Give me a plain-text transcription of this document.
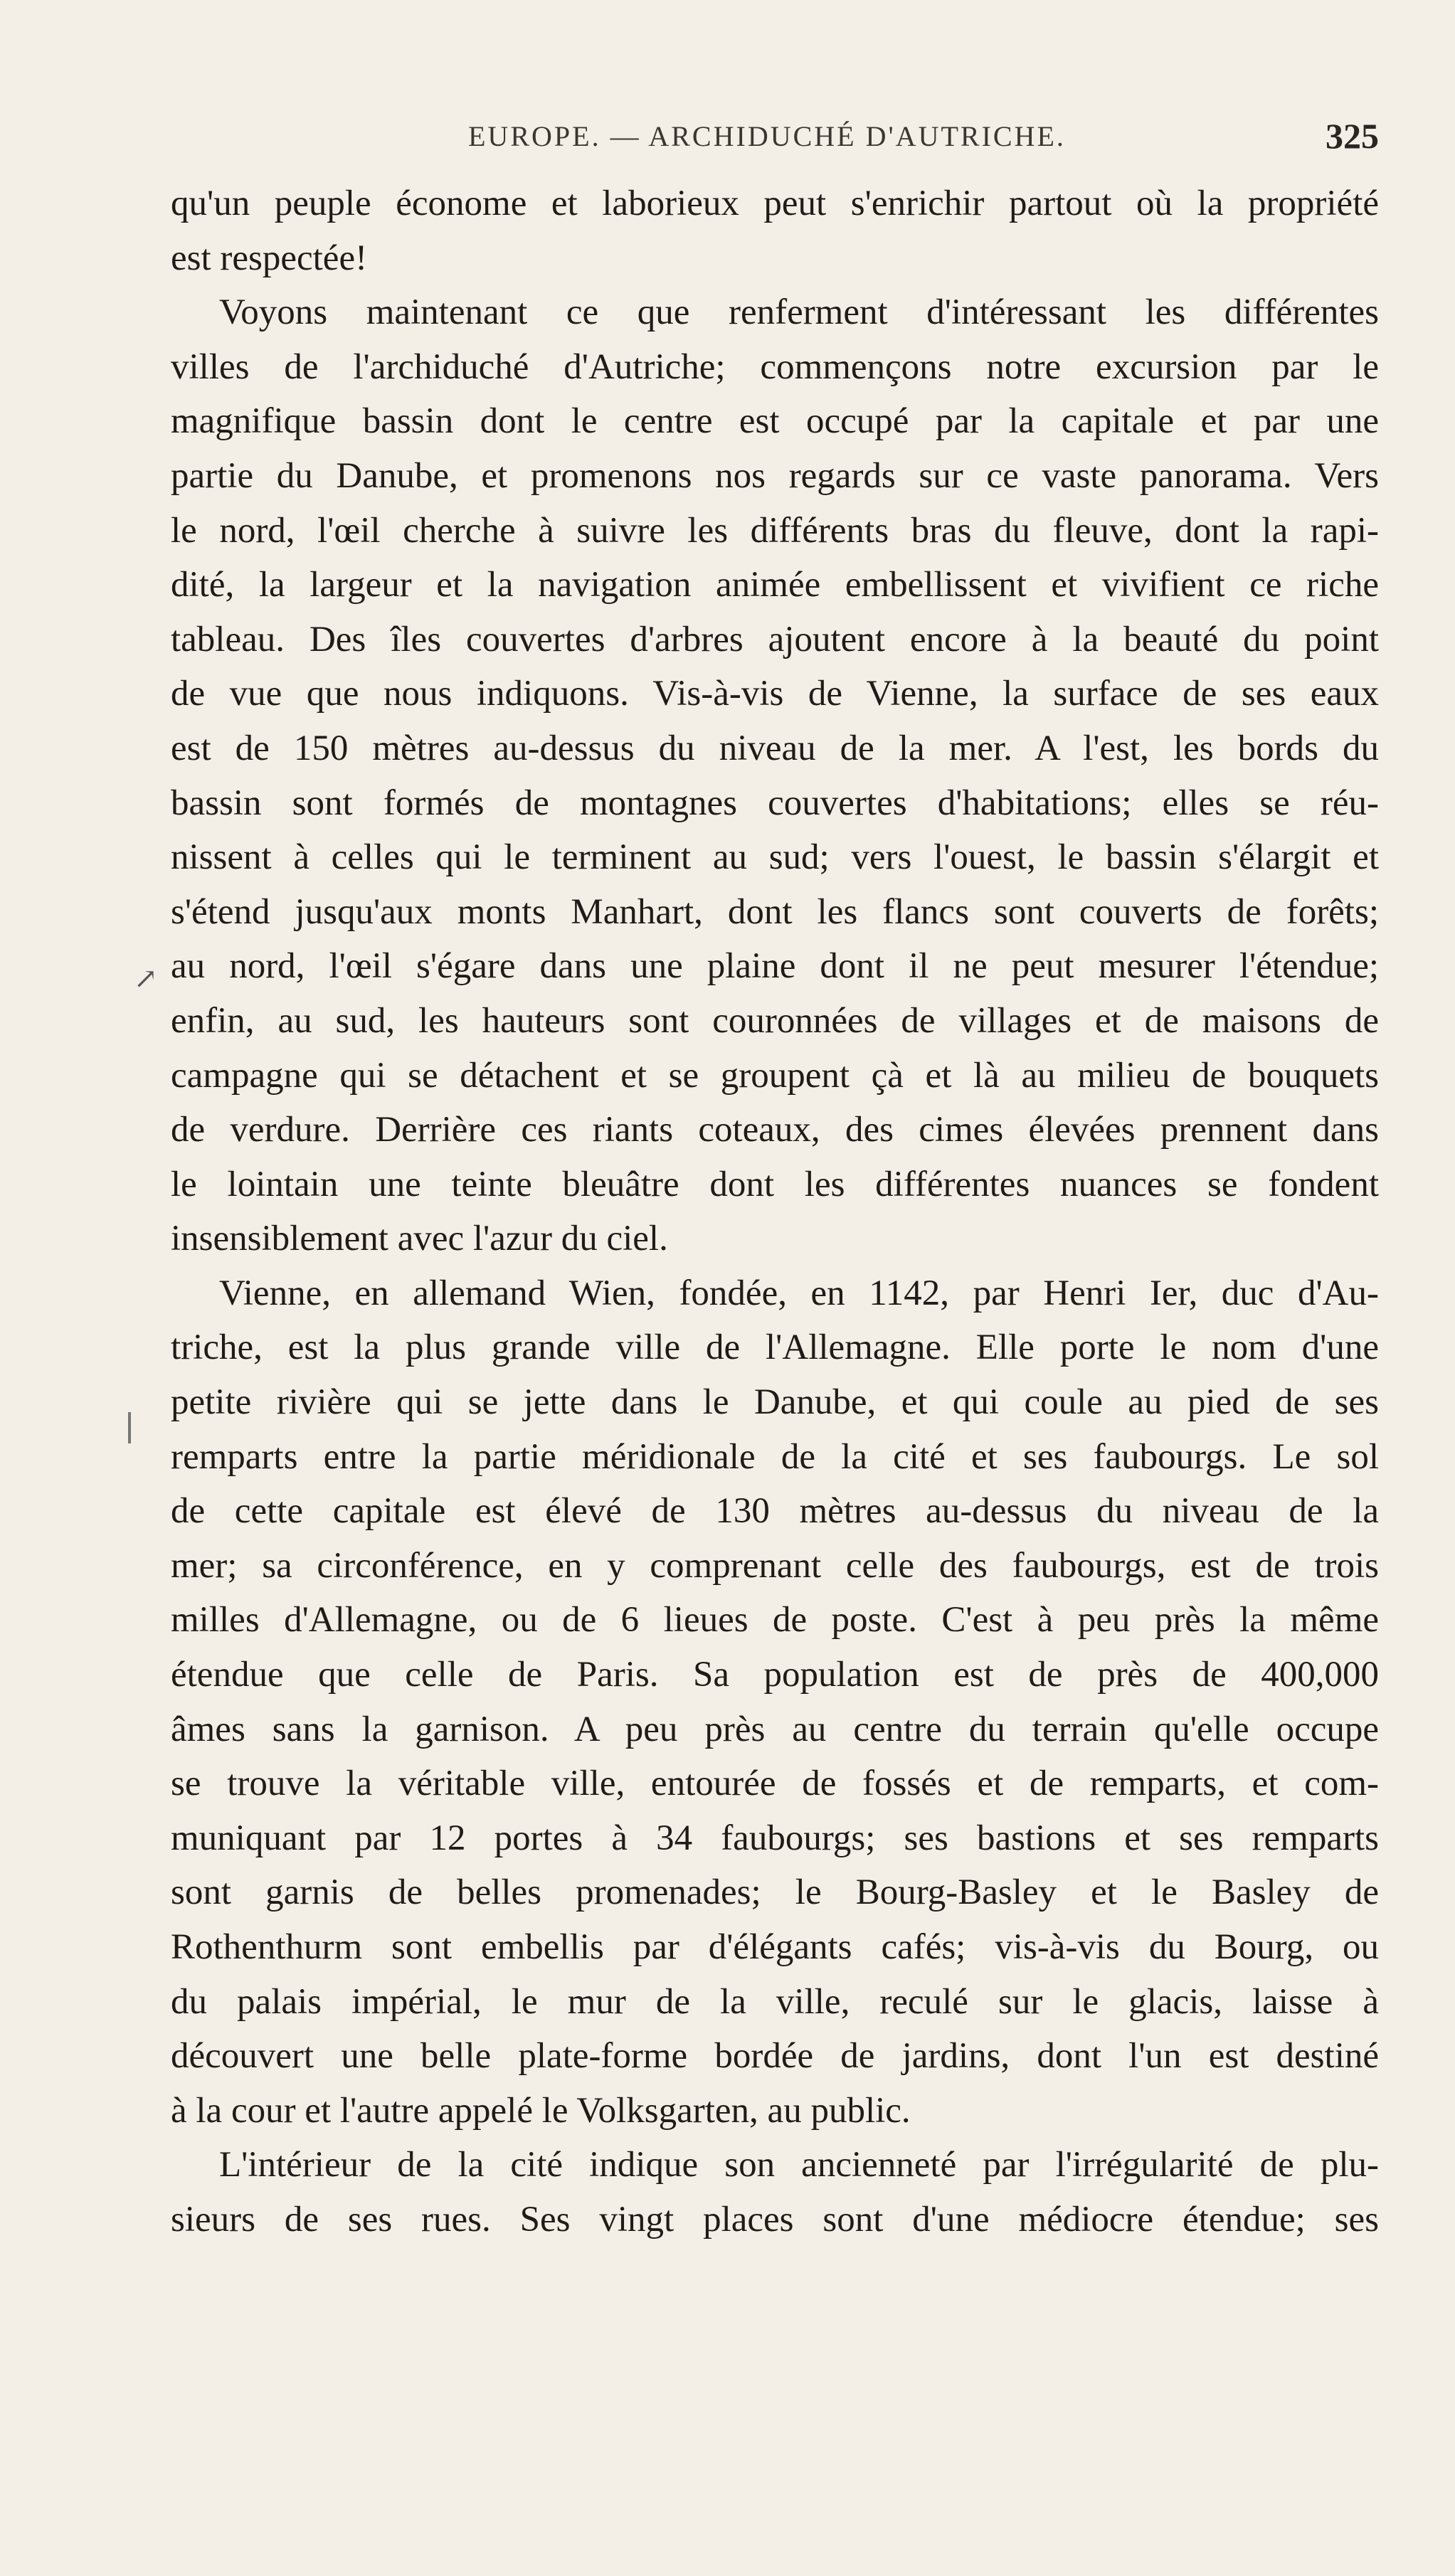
EUROPE. — ARCHIDUCHÉ D'AUTRICHE.	325
↗
qu'un peuple économe et laborieux peut s'enrichir partout où la propriété
est respectée!
Voyons maintenant ce que renferment d'intéressant les différentes
villes de l'archiduché d'Autriche; commençons notre excursion par le
magnifique bassin dont le centre est occupé par la capitale et par une
partie du Danube, et promenons nos regards sur ce vaste panorama. Vers
le nord, l'œil cherche à suivre les différents bras du fleuve, dont la rapi-
dité, la largeur et la navigation animée embellissent et vivifient ce riche
tableau. Des îles couvertes d'arbres ajoutent encore à la beauté du point
de vue que nous indiquons. Vis-à-vis de Vienne, la surface de ses eaux
est de 150 mètres au-dessus du niveau de la mer. A l'est, les bords du
bassin sont formés de montagnes couvertes d'habitations; elles se réu-
nissent à celles qui le terminent au sud; vers l'ouest, le bassin s'élargit et
s'étend jusqu'aux monts Manhart, dont les flancs sont couverts de forêts;
au nord, l'œil s'égare dans une plaine dont il ne peut mesurer l'étendue;
enfin, au sud, les hauteurs sont couronnées de villages et de maisons de
campagne qui se détachent et se groupent çà et là au milieu de bouquets
de verdure. Derrière ces riants coteaux, des cimes élevées prennent dans
le lointain une teinte bleuâtre dont les différentes nuances se fondent
insensiblement avec l'azur du ciel.
Vienne, en allemand Wien, fondée, en 1142, par Henri Ier, duc d'Au-
triche, est la plus grande ville de l'Allemagne. Elle porte le nom d'une
petite rivière qui se jette dans le Danube, et qui coule au pied de ses
remparts entre la partie méridionale de la cité et ses faubourgs. Le sol
de cette capitale est élevé de 130 mètres au-dessus du niveau de la
mer; sa circonférence, en y comprenant celle des faubourgs, est de trois
milles d'Allemagne, ou de 6 lieues de poste. C'est à peu près la même
étendue que celle de Paris. Sa population est de près de 400,000
âmes sans la garnison. A peu près au centre du terrain qu'elle occupe
se trouve la véritable ville, entourée de fossés et de remparts, et com-
muniquant par 12 portes à 34 faubourgs; ses bastions et ses remparts
sont garnis de belles promenades; le Bourg-Basley et le Basley de
Rothenthurm sont embellis par d'élégants cafés; vis-à-vis du Bourg, ou
du palais impérial, le mur de la ville, reculé sur le glacis, laisse à
découvert une belle plate-forme bordée de jardins, dont l'un est destiné
à la cour et l'autre appelé le Volksgarten, au public.
L'intérieur de la cité indique son ancienneté par l'irrégularité de plu-
sieurs de ses rues. Ses vingt places sont d'une médiocre étendue; ses
